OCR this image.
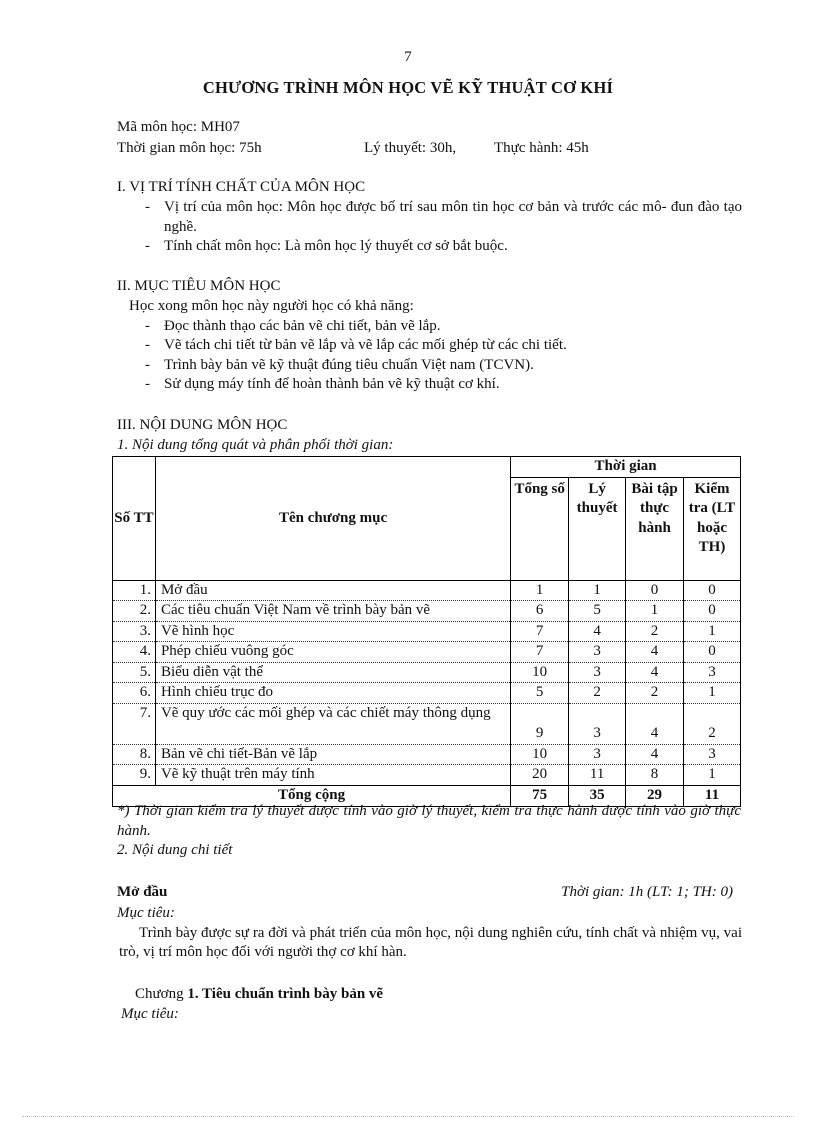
7
CHƯƠNG TRÌNH MÔN HỌC VẼ KỸ THUẬT CƠ KHÍ
Mã môn học: MH07
Thời gian môn học: 75h	Lý thuyết: 30h,	Thực hành: 45h
I. VỊ TRÍ TÍNH CHẤT CỦA MÔN HỌC
- Vị trí của môn học: Môn học được bố trí sau môn tin học cơ bản và trước các mô- đun đào tạo nghề.
- Tính chất môn học: Là môn học lý thuyết cơ sở bắt buộc.
II. MỤC TIÊU MÔN HỌC
Học xong môn học này người học có khả năng:
- Đọc thành thạo các bản vẽ chi tiết, bản vẽ lắp.
- Vẽ tách chi tiết từ bản vẽ lắp và vẽ lắp các mối ghép từ các chi tiết.
- Trình bày bản vẽ kỹ thuật đúng tiêu chuẩn Việt nam (TCVN).
- Sử dụng máy tính để hoàn thành bản vẽ kỹ thuật cơ khí.
III. NỘI DUNG MÔN HỌC
1. Nội dung tổng quát và phân phối thời gian:
Số TT	Tên chương mục	Thời gian			
		Tổng số	Lý thuyết	Bài tập thực hành	Kiểm tra (LT hoặc TH)
1.	Mở đầu	1	1	0	0
2.	Các tiêu chuẩn Việt Nam về trình bày bản vẽ	6	5	1	0
3.	Vẽ hình học	7	4	2	1
4.	Phép chiếu vuông góc	7	3	4	0
5.	Biểu diễn vật thể	10	3	4	3
6.	Hình chiếu trục đo	5	2	2	1
7.	Vẽ quy ước các mối ghép và các chiết máy thông dụng	9	3	4	2
8.	Bản vẽ chi tiết-Bản vẽ lắp	10	3	4	3
9.	Vẽ kỹ thuật trên máy tính	20	11	8	1
Tổng cộng		75	35	29	11
*) Thời gian kiểm tra lý thuyết được tính vào giờ lý thuyết, kiểm tra thực hành được tính vào giờ thực hành.
2. Nội dung chi tiết
Mở đầu	Thời gian: 1h (LT: 1; TH: 0)
Mục tiêu:
Trình bày được sự ra đời và phát triển của môn học, nội dung nghiên cứu, tính chất và nhiệm vụ, vai trò, vị trí môn học đối với người thợ cơ khí hàn.
Chương 1. Tiêu chuẩn trình bày bản vẽ
Mục tiêu:
